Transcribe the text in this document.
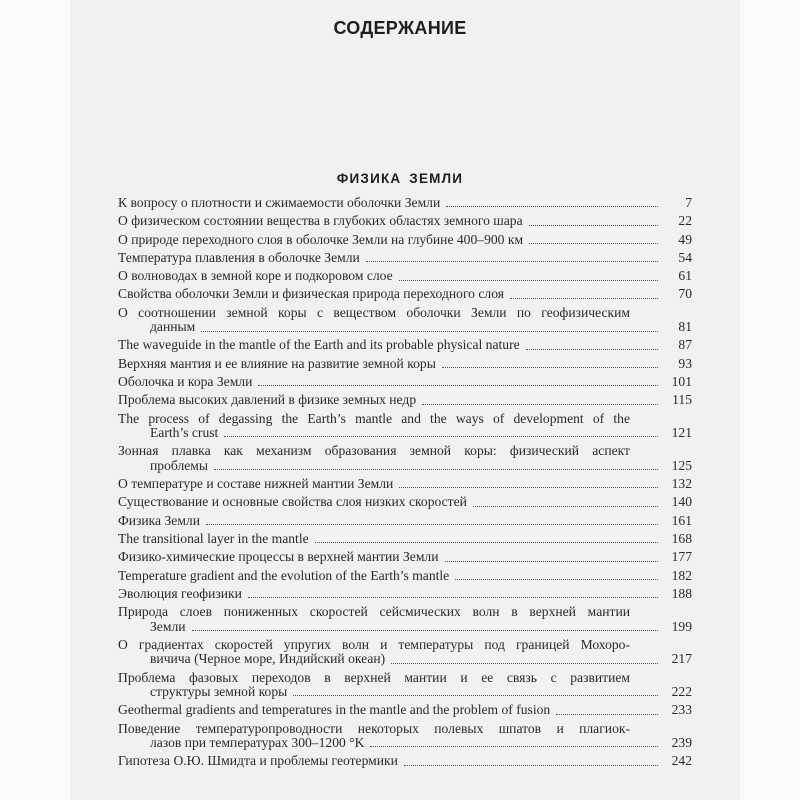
СОДЕРЖАНИЕ
ФИЗИКА ЗЕМЛИ
К вопросу о плотности и сжимаемости оболочки Земли	7
О физическом состоянии вещества в глубоких областях земного шара	22
О природе переходного слоя в оболочке Земли на глубине 400–900 км	49
Температура плавления в оболочке Земли	54
О волноводах в земной коре и подкоровом слое	61
Свойства оболочки Земли и физическая природа переходного слоя	70
О соотношении земной коры с веществом оболочки Земли по геофизическим
данным	81
The waveguide in the mantle of the Earth and its probable physical nature	87
Верхняя мантия и ее влияние на развитие земной коры	93
Оболочка и кора Земли	101
Проблема высоких давлений в физике земных недр	115
The process of degassing the Earth’s mantle and the ways of development of the
Earth’s crust	121
Зонная плавка как механизм образования земной коры: физический аспект
проблемы	125
О температуре и составе нижней мантии Земли	132
Существование и основные свойства слоя низких скоростей	140
Физика Земли	161
The transitional layer in the mantle	168
Физико-химические процессы в верхней мантии Земли	177
Temperature gradient and the evolution of the Earth’s mantle	182
Эволюция геофизики	188
Природа слоев пониженных скоростей сейсмических волн в верхней мантии
Земли	199
О градиентах скоростей упругих волн и температуры под границей Мохоро-
вичича (Черное море, Индийский океан)	217
Проблема фазовых переходов в верхней мантии и ее связь с развитием
структуры земной коры	222
Geothermal gradients and temperatures in the mantle and the problem of fusion	233
Поведение температуропроводности некоторых полевых шпатов и плагиок-
лазов при температурах 300–1200 °K	239
Гипотеза О.Ю. Шмидта и проблемы геотермики	242
